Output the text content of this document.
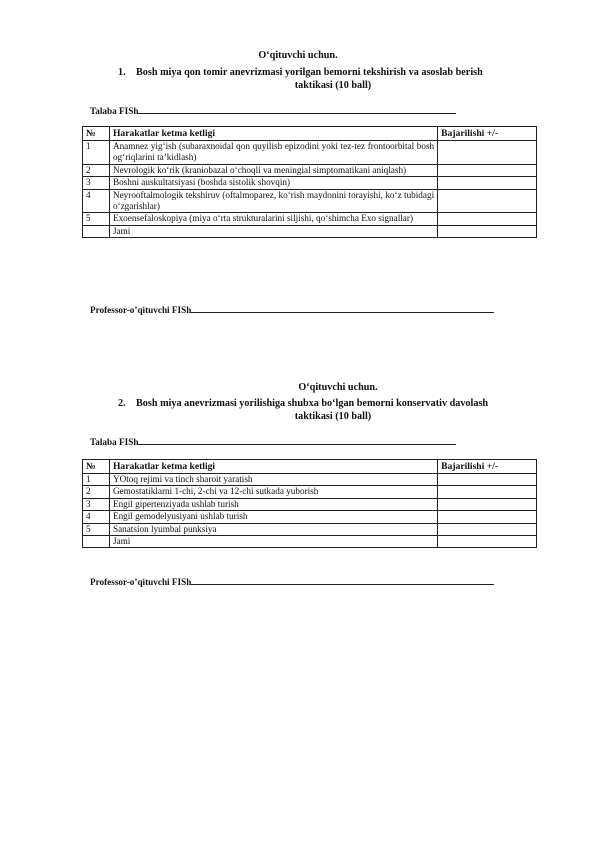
O‘qituvchi uchun.
1. Bosh miya qon tomir anevrizmasi yorilgan bemorni tekshirish va asoslab berish
taktikasi (10 ball)
Talaba FISh
№	Harakatlar ketma ketligi	Bajarilishi +/-
1	Anamnez yig‘ish (subaraxnoidal qon quyilish epizodini yoki tez-tez frontoorbital bosh og‘riqlarini ta’kidlash)	
2	Nevrologik ko‘rik (kraniobazal o‘choqli va meningial simptomatikani aniqlash)	
3	Boshni auskultatsiyasi (boshda sistolik shovqin)	
4	Neyrooftalmologik tekshiruv (oftalmoparez, ko‘rish maydonini torayishi, ko‘z tubidagi o‘zgarishlar)	
5	Exoensefaloskopiya (miya o‘rta strukturalarini siljishi, qo‘shimcha Exo signallar)	
	Jami	
Professor-o’qituvchi FISh
O‘qituvchi uchun.
2. Bosh miya anevrizmasi yorilishiga shubxa bo‘lgan bemorni konservativ davolash
taktikasi (10 ball)
Talaba FISh
№	Harakatlar ketma ketligi	Bajarilishi +/-
1	YOtoq rejimi va tinch sharoit yaratish	
2	Gemostatiklarni 1-chi, 2-chi va 12-chi sutkada yuborish	
3	Engil gipertenziyada ushlab turish	
4	Engil gemodelyusiyani ushlab turish	
5	Sanatsion lyumbal punksiya	
	Jami	
Professor-o’qituvchi FISh
